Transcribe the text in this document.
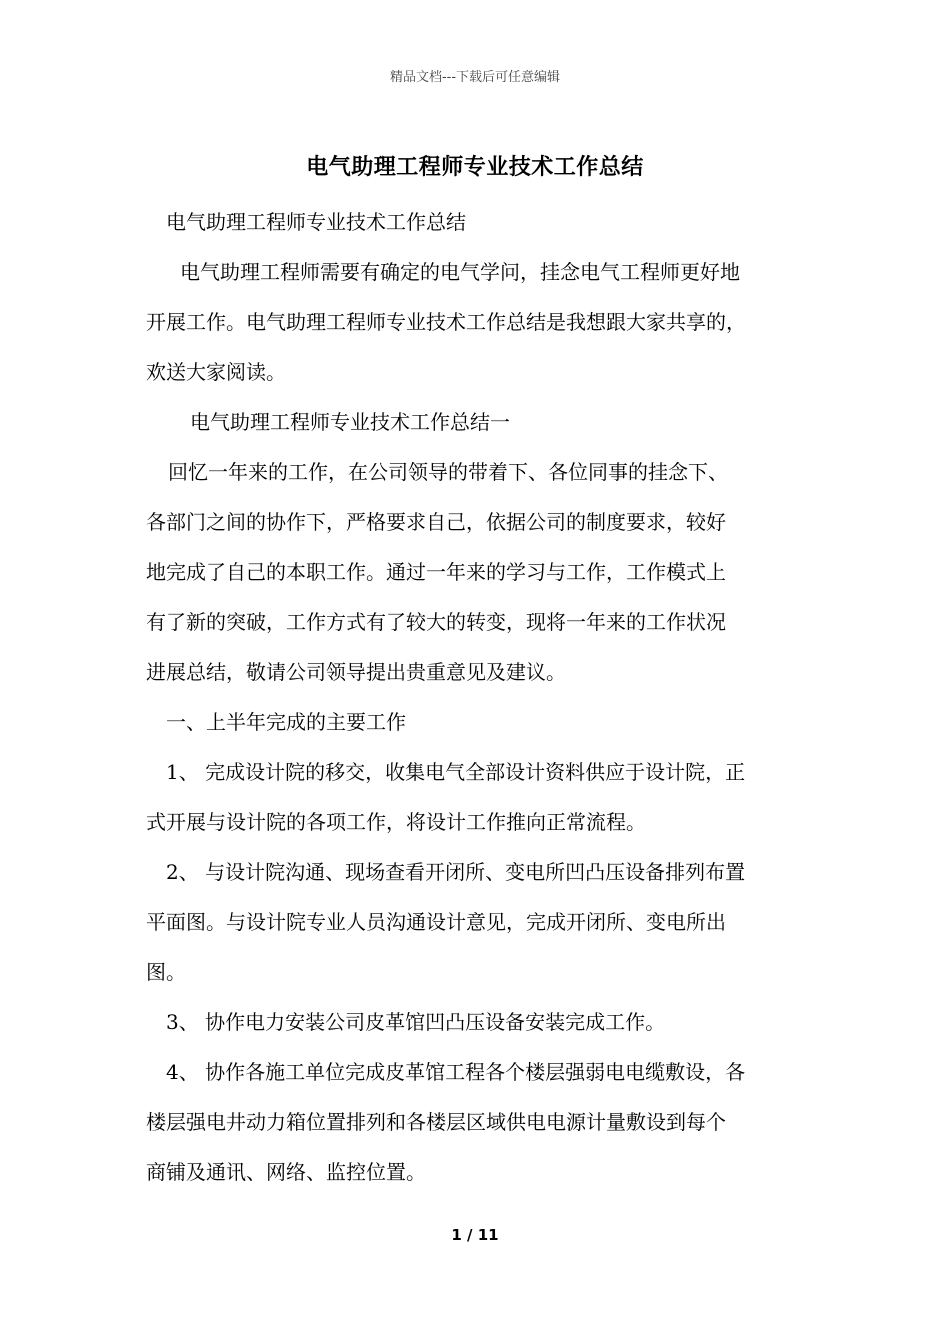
精品文档---下载后可任意编辑
电气助理工程师专业技术工作总结
电气助理工程师专业技术工作总结
电气助理工程师需要有确定的电气学问，挂念电气工程师更好地
开展工作。电气助理工程师专业技术工作总结是我想跟大家共享的，
欢送大家阅读。
电气助理工程师专业技术工作总结一
回忆一年来的工作，在公司领导的带着下、各位同事的挂念下、
各部门之间的协作下，严格要求自己，依据公司的制度要求，较好
地完成了自己的本职工作。通过一年来的学习与工作，工作模式上
有了新的突破，工作方式有了较大的转变，现将一年来的工作状况
进展总结，敬请公司领导提出贵重意见及建议。
一、上半年完成的主要工作
1、 完成设计院的移交，收集电气全部设计资料供应于设计院，正
式开展与设计院的各项工作，将设计工作推向正常流程。
2、 与设计院沟通、现场查看开闭所、变电所凹凸压设备排列布置
平面图。与设计院专业人员沟通设计意见，完成开闭所、变电所出
图。
3、 协作电力安装公司皮革馆凹凸压设备安装完成工作。
4、 协作各施工单位完成皮革馆工程各个楼层强弱电电缆敷设，各
楼层强电井动力箱位置排列和各楼层区域供电电源计量敷设到每个
商铺及通讯、网络、监控位置。
1 / 11
